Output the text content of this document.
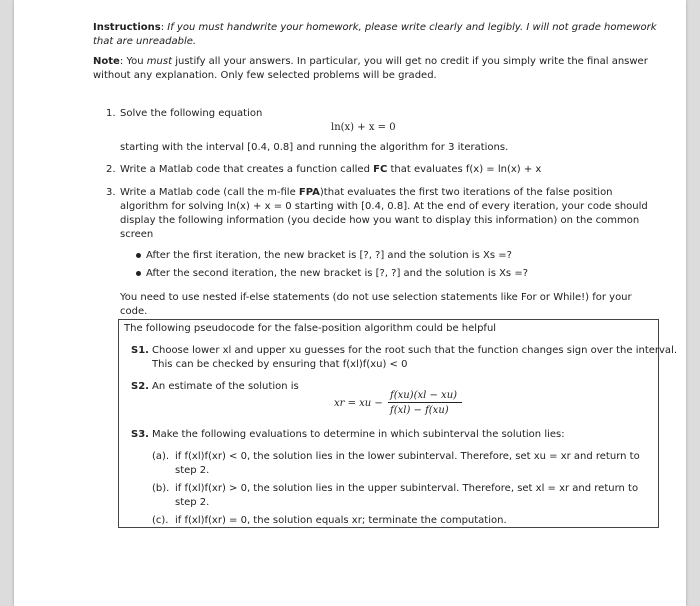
Instructions: If you must handwrite your homework, please write clearly and legibly. I will not grade homework
that are unreadable.
Note: You must justify all your answers. In particular, you will get no credit if you simply write the final answer
without any explanation. Only few selected problems will be graded.
1. Solve the following equation
ln(x) + x = 0
starting with the interval [0.4, 0.8] and running the algorithm for 3 iterations.
2. Write a Matlab code that creates a function called FC that evaluates f(x) = ln(x) + x
3. Write a Matlab code (call the m-file FPA)that evaluates the first two iterations of the false position
algorithm for solving ln(x) + x = 0 starting with [0.4, 0.8]. At the end of every iteration, your code should
display the following information (you decide how you want to display this information) on the common
screen
After the first iteration, the new bracket is [?, ?] and the solution is Xs =?
After the second iteration, the new bracket is [?, ?] and the solution is Xs =?
You need to use nested if-else statements (do not use selection statements like For or While!) for your
code.
The following pseudocode for the false-position algorithm could be helpful
S1. Choose lower xl and upper xu guesses for the root such that the function changes sign over the interval.
This can be checked by ensuring that f(xl)f(xu) < 0
S2. An estimate of the solution is
xr = xu −
f(xu)(xl − xu)
f(xl) − f(xu)
S3. Make the following evaluations to determine in which subinterval the solution lies:
(a). if f(xl)f(xr) < 0, the solution lies in the lower subinterval. Therefore, set xu = xr and return to
step 2.
(b). if f(xl)f(xr) > 0, the solution lies in the upper subinterval. Therefore, set xl = xr and return to
step 2.
(c). if f(xl)f(xr) = 0, the solution equals xr; terminate the computation.
